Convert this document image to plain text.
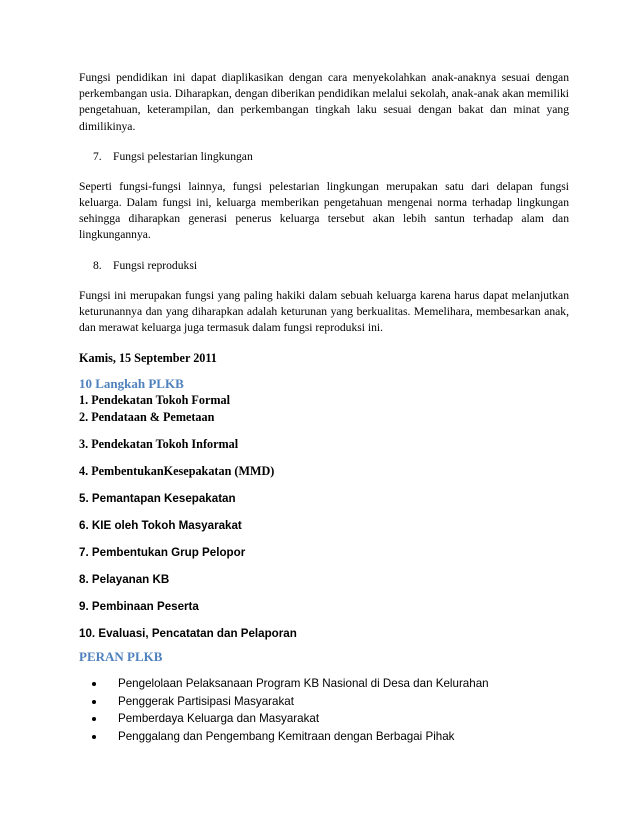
Fungsi pendidikan ini dapat diaplikasikan dengan cara menyekolahkan anak-anaknya sesuai dengan perkembangan usia. Diharapkan, dengan diberikan pendidikan melalui sekolah, anak-anak akan memiliki pengetahuan, keterampilan, dan perkembangan tingkah laku sesuai dengan bakat dan minat yang dimilikinya.

7. Fungsi pelestarian lingkungan

Seperti fungsi-fungsi lainnya, fungsi pelestarian lingkungan merupakan satu dari delapan fungsi keluarga. Dalam fungsi ini, keluarga memberikan pengetahuan mengenai norma terhadap lingkungan sehingga diharapkan generasi penerus keluarga tersebut akan lebih santun terhadap alam dan lingkungannya.

8. Fungsi reproduksi

Fungsi ini merupakan fungsi yang paling hakiki dalam sebuah keluarga karena harus dapat melanjutkan keturunannya dan yang diharapkan adalah keturunan yang berkualitas. Memelihara, membesarkan anak, dan merawat keluarga juga termasuk dalam fungsi reproduksi ini.

Kamis, 15 September 2011
10 Langkah PLKB
1. Pendekatan Tokoh Formal
2. Pendataan & Pemetaan
3. Pendekatan Tokoh Informal
4. PembentukanKesepakatan (MMD)
5. Pemantapan Kesepakatan
6. KIE oleh Tokoh Masyarakat
7. Pembentukan Grup Pelopor
8. Pelayanan KB
9. Pembinaan Peserta
10. Evaluasi, Pencatatan dan Pelaporan
PERAN PLKB
Pengelolaan Pelaksanaan Program KB Nasional di Desa dan Kelurahan
Penggerak Partisipasi Masyarakat
Pemberdaya Keluarga dan Masyarakat
Penggalang dan Pengembang Kemitraan dengan Berbagai Pihak
